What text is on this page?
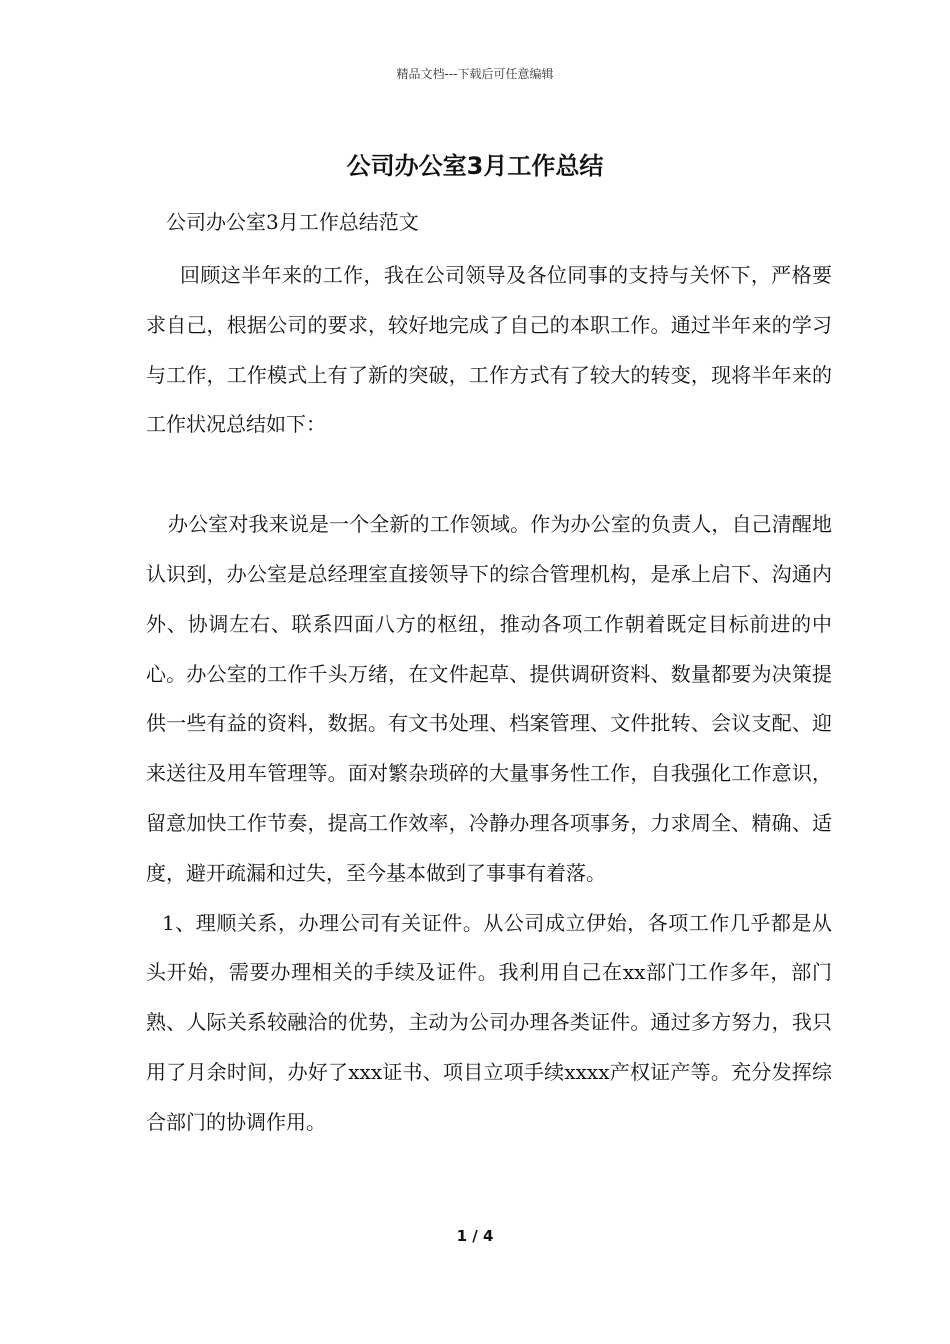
精品文档---下载后可任意编辑
公司办公室3月工作总结

公司办公室3月工作总结范文

回顾这半年来的工作，我在公司领导及各位同事的支持与关怀下，严格要求自己，根据公司的要求，较好地完成了自己的本职工作。通过半年来的学习与工作，工作模式上有了新的突破，工作方式有了较大的转变，现将半年来的工作状况总结如下：

办公室对我来说是一个全新的工作领域。作为办公室的负责人，自己清醒地认识到，办公室是总经理室直接领导下的综合管理机构，是承上启下、沟通内外、协调左右、联系四面八方的枢纽，推动各项工作朝着既定目标前进的中心。办公室的工作千头万绪，在文件起草、提供调研资料、数量都要为决策提供一些有益的资料，数据。有文书处理、档案管理、文件批转、会议支配、迎来送往及用车管理等。面对繁杂琐碎的大量事务性工作，自我强化工作意识，留意加快工作节奏，提高工作效率，冷静办理各项事务，力求周全、精确、适度，避开疏漏和过失，至今基本做到了事事有着落。

1、理顺关系，办理公司有关证件。从公司成立伊始，各项工作几乎都是从头开始，需要办理相关的手续及证件。我利用自己在xx部门工作多年，部门熟、人际关系较融洽的优势，主动为公司办理各类证件。通过多方努力，我只用了月余时间，办好了xxx证书、项目立项手续xxxx产权证产等。充分发挥综合部门的协调作用。

1 / 4
